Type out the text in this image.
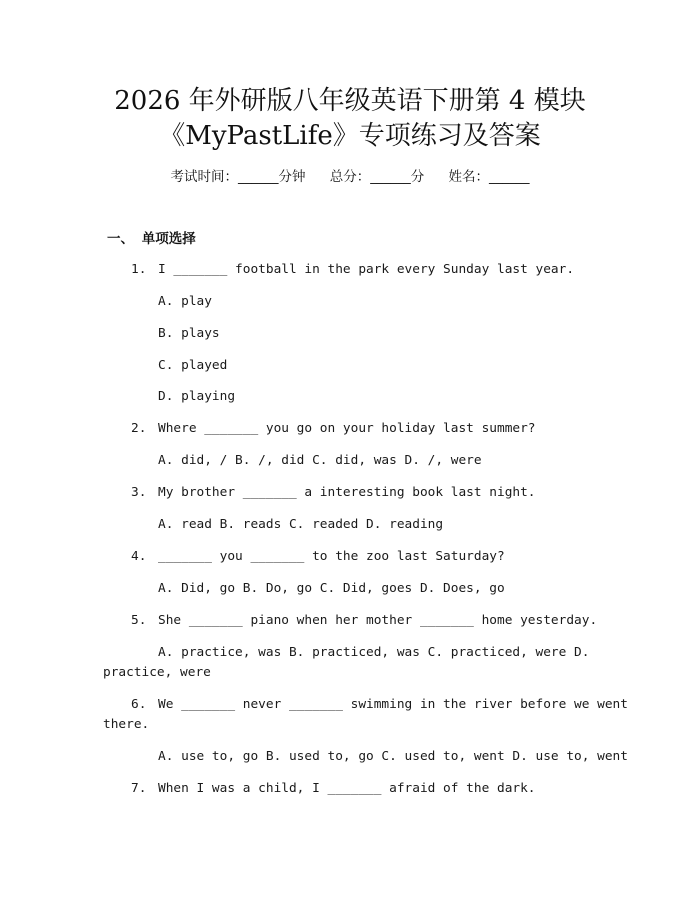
2026 年外研版八年级英语下册第 4 模块
《MyPastLife》专项练习及答案
考试时间：______分钟 总分：______分 姓名：______
一、 单项选择
1. I _______ football in the park every Sunday last year.
A. play
B. plays
C. played
D. playing
2. Where _______ you go on your holiday last summer?
A. did, / B. /, did C. did, was D. /, were
3. My brother _______ a interesting book last night.
A. read B. reads C. readed D. reading
4. _______ you _______ to the zoo last Saturday?
A. Did, go B. Do, go C. Did, goes D. Does, go
5. She _______ piano when her mother _______ home yesterday.
A. practice, was B. practiced, was C. practiced, were D.
practice, were
6. We _______ never _______ swimming in the river before we went
there.
A. use to, go B. used to, go C. used to, went D. use to, went
7. When I was a child, I _______ afraid of the dark.
